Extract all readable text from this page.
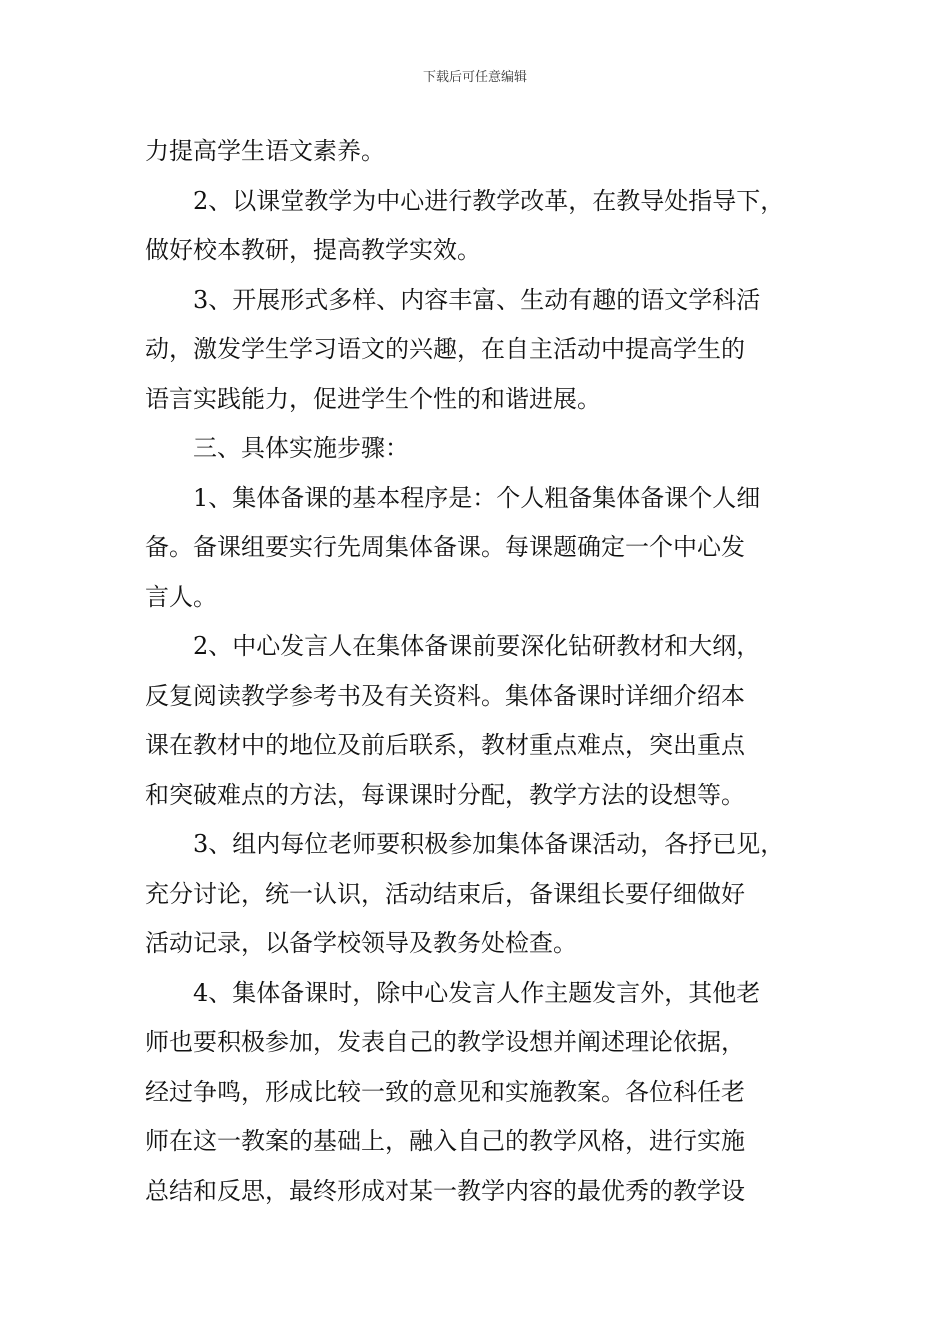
下载后可任意编辑
力提高学生语文素养。
2、以课堂教学为中心进行教学改革，在教导处指导下，
做好校本教研，提高教学实效。
3、开展形式多样、内容丰富、生动有趣的语文学科活
动，激发学生学习语文的兴趣，在自主活动中提高学生的
语言实践能力，促进学生个性的和谐进展。
三、具体实施步骤：
1、集体备课的基本程序是：个人粗备集体备课个人细
备。备课组要实行先周集体备课。每课题确定一个中心发
言人。
2、中心发言人在集体备课前要深化钻研教材和大纲，
反复阅读教学参考书及有关资料。集体备课时详细介绍本
课在教材中的地位及前后联系，教材重点难点，突出重点
和突破难点的方法，每课课时分配，教学方法的设想等。
3、组内每位老师要积极参加集体备课活动，各抒已见，
充分讨论，统一认识，活动结束后，备课组长要仔细做好
活动记录，以备学校领导及教务处检查。
4、集体备课时，除中心发言人作主题发言外，其他老
师也要积极参加，发表自己的教学设想并阐述理论依据，
经过争鸣，形成比较一致的意见和实施教案。各位科任老
师在这一教案的基础上，融入自己的教学风格，进行实施
总结和反思，最终形成对某一教学内容的最优秀的教学设
